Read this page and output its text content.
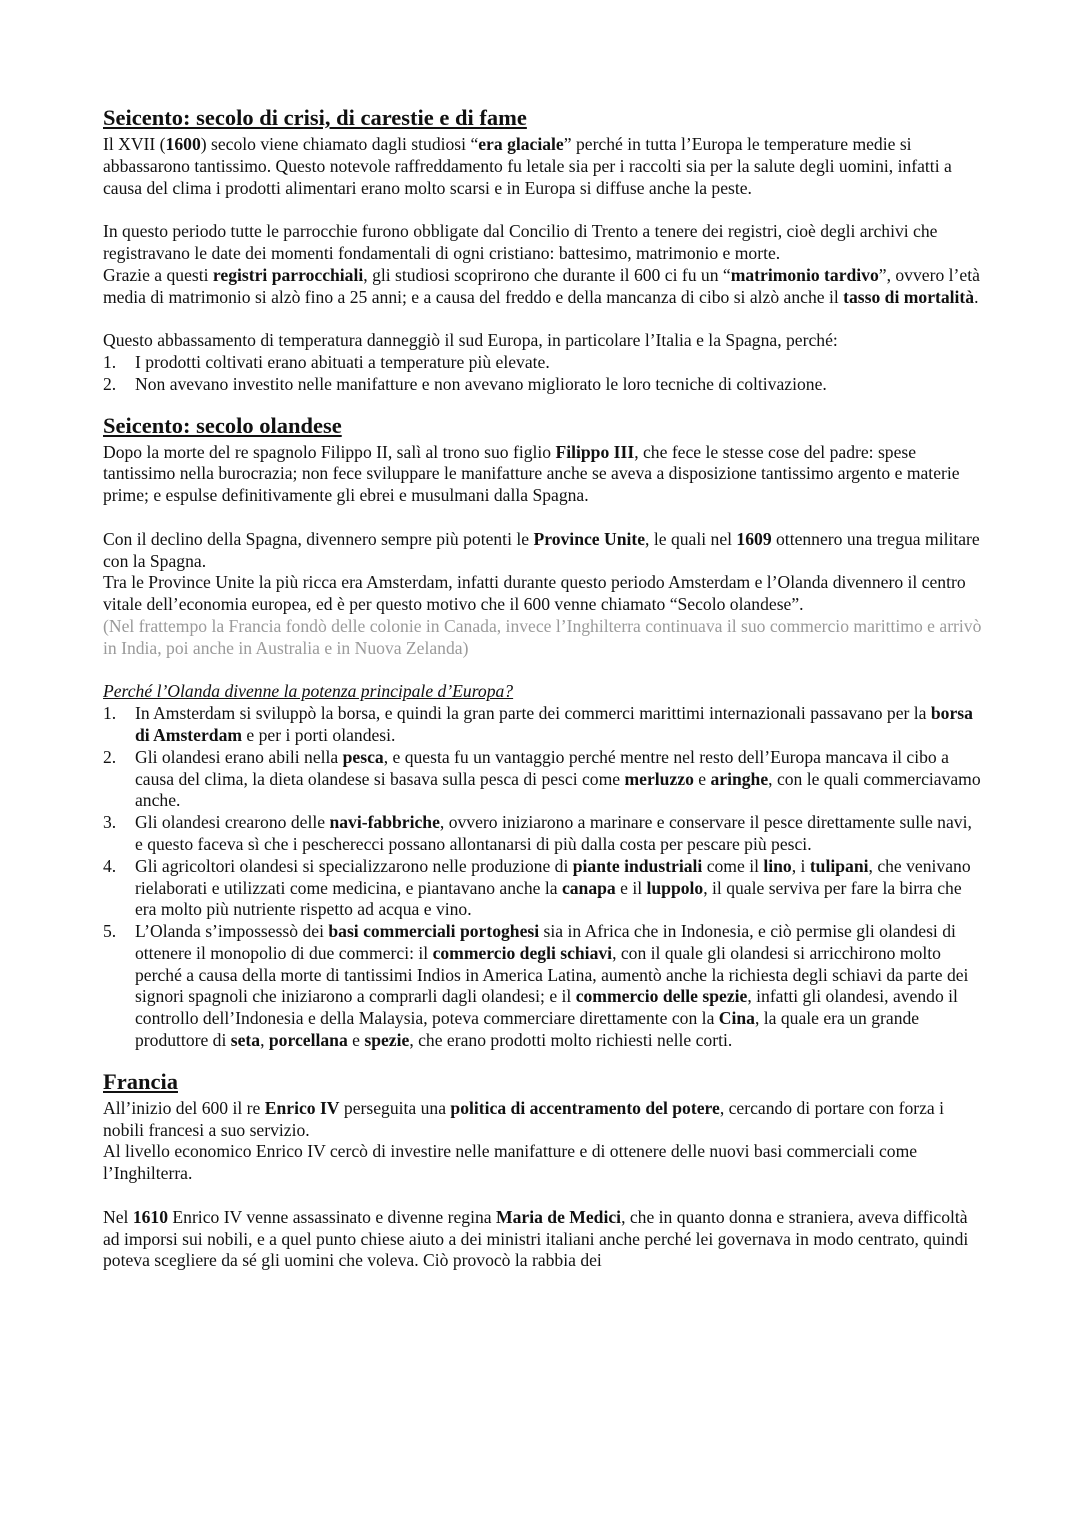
Seicento: secolo di crisi, di carestie e di fame
Il XVII (1600) secolo viene chiamato dagli studiosi “era glaciale” perché in tutta l’Europa le temperature medie si abbassarono tantissimo. Questo notevole raffreddamento fu letale sia per i raccolti sia per la salute degli uomini, infatti a causa del clima i prodotti alimentari erano molto scarsi e in Europa si diffuse anche la peste.
In questo periodo tutte le parrocchie furono obbligate dal Concilio di Trento a tenere dei registri, cioè degli archivi che registravano le date dei momenti fondamentali di ogni cristiano: battesimo, matrimonio e morte.
Grazie a questi registri parrocchiali, gli studiosi scoprirono che durante il 600 ci fu un “matrimonio tardivo”, ovvero l’età media di matrimonio si alzò fino a 25 anni; e a causa del freddo e della mancanza di cibo si alzò anche il tasso di mortalità.
Questo abbassamento di temperatura danneggiò il sud Europa, in particolare l’Italia e la Spagna, perché:
1. I prodotti coltivati erano abituati a temperature più elevate.
2. Non avevano investito nelle manifatture e non avevano migliorato le loro tecniche di coltivazione.
Seicento: secolo olandese
Dopo la morte del re spagnolo Filippo II, salì al trono suo figlio Filippo III, che fece le stesse cose del padre: spese tantissimo nella burocrazia; non fece sviluppare le manifatture anche se aveva a disposizione tantissimo argento e materie prime; e espulse definitivamente gli ebrei e musulmani dalla Spagna.
Con il declino della Spagna, divennero sempre più potenti le Province Unite, le quali nel 1609 ottennero una tregua militare con la Spagna.
Tra le Province Unite la più ricca era Amsterdam, infatti durante questo periodo Amsterdam e l’Olanda divennero il centro vitale dell’economia europea, ed è per questo motivo che il 600 venne chiamato “Secolo olandese”.
(Nel frattempo la Francia fondò delle colonie in Canada, invece l’Inghilterra continuava il suo commercio marittimo e arrivò in India, poi anche in Australia e in Nuova Zelanda)
Perché l’Olanda divenne la potenza principale d’Europa?
1. In Amsterdam si sviluppò la borsa, e quindi la gran parte dei commerci marittimi internazionali passavano per la borsa di Amsterdam e per i porti olandesi.
2. Gli olandesi erano abili nella pesca, e questa fu un vantaggio perché mentre nel resto dell’Europa mancava il cibo a causa del clima, la dieta olandese si basava sulla pesca di pesci come merluzzo e aringhe, con le quali commerciavamo anche.
3. Gli olandesi crearono delle navi-fabbriche, ovvero iniziarono a marinare e conservare il pesce direttamente sulle navi, e questo faceva sì che i pescherecci possano allontanarsi di più dalla costa per pescare più pesci.
4. Gli agricoltori olandesi si specializzarono nelle produzione di piante industriali come il lino, i tulipani, che venivano rielaborati e utilizzati come medicina, e piantavano anche la canapa e il luppolo, il quale serviva per fare la birra che era molto più nutriente rispetto ad acqua e vino.
5. L’Olanda s’impossessò dei basi commerciali portoghesi sia in Africa che in Indonesia, e ciò permise gli olandesi di ottenere il monopolio di due commerci: il commercio degli schiavi, con il quale gli olandesi si arricchirono molto perché a causa della morte di tantissimi Indios in America Latina, aumentò anche la richiesta degli schiavi da parte dei signori spagnoli che iniziarono a comprarli dagli olandesi; e il commercio delle spezie, infatti gli olandesi, avendo il controllo dell’Indonesia e della Malaysia, poteva commerciare direttamente con la Cina, la quale era un grande produttore di seta, porcellana e spezie, che erano prodotti molto richiesti nelle corti.
Francia
All’inizio del 600 il re Enrico IV perseguita una politica di accentramento del potere, cercando di portare con forza i nobili francesi a suo servizio.
Al livello economico Enrico IV cercò di investire nelle manifatture e di ottenere delle nuovi basi commerciali come l’Inghilterra.
Nel 1610 Enrico IV venne assassinato e divenne regina Maria de Medici, che in quanto donna e straniera, aveva difficoltà ad imporsi sui nobili, e a quel punto chiese aiuto a dei ministri italiani anche perché lei governava in modo centrato, quindi poteva scegliere da sé gli uomini che voleva. Ciò provocò la rabbia dei
